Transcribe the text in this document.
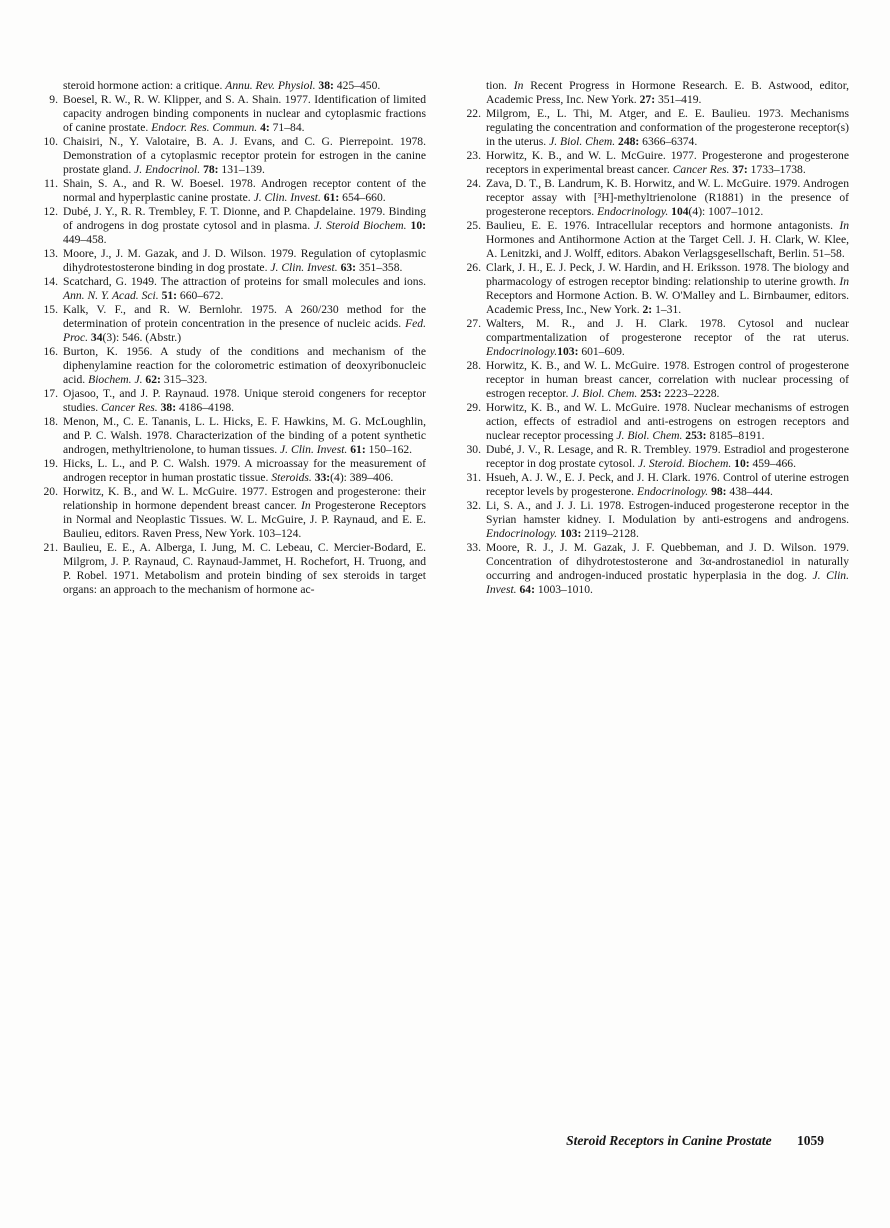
steroid hormone action: a critique. Annu. Rev. Physiol. 38: 425–450.
9. Boesel, R. W., R. W. Klipper, and S. A. Shain. 1977. Identification of limited capacity androgen binding components in nuclear and cytoplasmic fractions of canine prostate. Endocr. Res. Commun. 4: 71–84.
10. Chaisiri, N., Y. Valotaire, B. A. J. Evans, and C. G. Pierrepoint. 1978. Demonstration of a cytoplasmic receptor protein for estrogen in the canine prostate gland. J. Endocrinol. 78: 131–139.
11. Shain, S. A., and R. W. Boesel. 1978. Androgen receptor content of the normal and hyperplastic canine prostate. J. Clin. Invest. 61: 654–660.
12. Dubé, J. Y., R. R. Trembley, F. T. Dionne, and P. Chapdelaine. 1979. Binding of androgens in dog prostate cytosol and in plasma. J. Steroid Biochem. 10: 449–458.
13. Moore, J., J. M. Gazak, and J. D. Wilson. 1979. Regulation of cytoplasmic dihydrotestosterone binding in dog prostate. J. Clin. Invest. 63: 351–358.
14. Scatchard, G. 1949. The attraction of proteins for small molecules and ions. Ann. N. Y. Acad. Sci. 51: 660–672.
15. Kalk, V. F., and R. W. Bernlohr. 1975. A 260/230 method for the determination of protein concentration in the presence of nucleic acids. Fed. Proc. 34(3): 546. (Abstr.)
16. Burton, K. 1956. A study of the conditions and mechanism of the diphenylamine reaction for the colorometric estimation of deoxyribonucleic acid. Biochem. J. 62: 315–323.
17. Ojasoo, T., and J. P. Raynaud. 1978. Unique steroid congeners for receptor studies. Cancer Res. 38: 4186–4198.
18. Menon, M., C. E. Tananis, L. L. Hicks, E. F. Hawkins, M. G. McLoughlin, and P. C. Walsh. 1978. Characterization of the binding of a potent synthetic androgen, methyltrienolone, to human tissues. J. Clin. Invest. 61: 150–162.
19. Hicks, L. L., and P. C. Walsh. 1979. A microassay for the measurement of androgen receptor in human prostatic tissue. Steroids. 33:(4): 389–406.
20. Horwitz, K. B., and W. L. McGuire. 1977. Estrogen and progesterone: their relationship in hormone dependent breast cancer. In Progesterone Receptors in Normal and Neoplastic Tissues. W. L. McGuire, J. P. Raynaud, and E. E. Baulieu, editors. Raven Press, New York. 103–124.
21. Baulieu, E. E., A. Alberga, I. Jung, M. C. Lebeau, C. Mercier-Bodard, E. Milgrom, J. P. Raynaud, C. Raynaud-Jammet, H. Rochefort, H. Truong, and P. Robel. 1971. Metabolism and protein binding of sex steroids in target organs: an approach to the mechanism of hormone ac-
tion. In Recent Progress in Hormone Research. E. B. Astwood, editor, Academic Press, Inc. New York. 27: 351–419.
22. Milgrom, E., L. Thi, M. Atger, and E. E. Baulieu. 1973. Mechanisms regulating the concentration and conformation of the progesterone receptor(s) in the uterus. J. Biol. Chem. 248: 6366–6374.
23. Horwitz, K. B., and W. L. McGuire. 1977. Progesterone and progesterone receptors in experimental breast cancer. Cancer Res. 37: 1733–1738.
24. Zava, D. T., B. Landrum, K. B. Horwitz, and W. L. McGuire. 1979. Androgen receptor assay with [³H]-methyltrienolone (R1881) in the presence of progesterone receptors. Endocrinology. 104(4): 1007–1012.
25. Baulieu, E. E. 1976. Intracellular receptors and hormone antagonists. In Hormones and Antihormone Action at the Target Cell. J. H. Clark, W. Klee, A. Lenitzki, and J. Wolff, editors. Abakon Verlagsgesellschaft, Berlin. 51–58.
26. Clark, J. H., E. J. Peck, J. W. Hardin, and H. Eriksson. 1978. The biology and pharmacology of estrogen receptor binding: relationship to uterine growth. In Receptors and Hormone Action. B. W. O'Malley and L. Birnbaumer, editors. Academic Press, Inc., New York. 2: 1–31.
27. Walters, M. R., and J. H. Clark. 1978. Cytosol and nuclear compartmentalization of progesterone receptor of the rat uterus. Endocrinology.103: 601–609.
28. Horwitz, K. B., and W. L. McGuire. 1978. Estrogen control of progesterone receptor in human breast cancer, correlation with nuclear processing of estrogen receptor. J. Biol. Chem. 253: 2223–2228.
29. Horwitz, K. B., and W. L. McGuire. 1978. Nuclear mechanisms of estrogen action, effects of estradiol and anti-estrogens on estrogen receptors and nuclear receptor processing J. Biol. Chem. 253: 8185–8191.
30. Dubé, J. V., R. Lesage, and R. R. Trembley. 1979. Estradiol and progesterone receptor in dog prostate cytosol. J. Steroid. Biochem. 10: 459–466.
31. Hsueh, A. J. W., E. J. Peck, and J. H. Clark. 1976. Control of uterine estrogen receptor levels by progesterone. Endocrinology. 98: 438–444.
32. Li, S. A., and J. J. Li. 1978. Estrogen-induced progesterone receptor in the Syrian hamster kidney. I. Modulation by anti-estrogens and androgens. Endocrinology. 103: 2119–2128.
33. Moore, R. J., J. M. Gazak, J. F. Quebbeman, and J. D. Wilson. 1979. Concentration of dihydrotestosterone and 3α-androstanediol in naturally occurring and androgen-induced prostatic hyperplasia in the dog. J. Clin. Invest. 64: 1003–1010.
Steroid Receptors in Canine Prostate 1059
